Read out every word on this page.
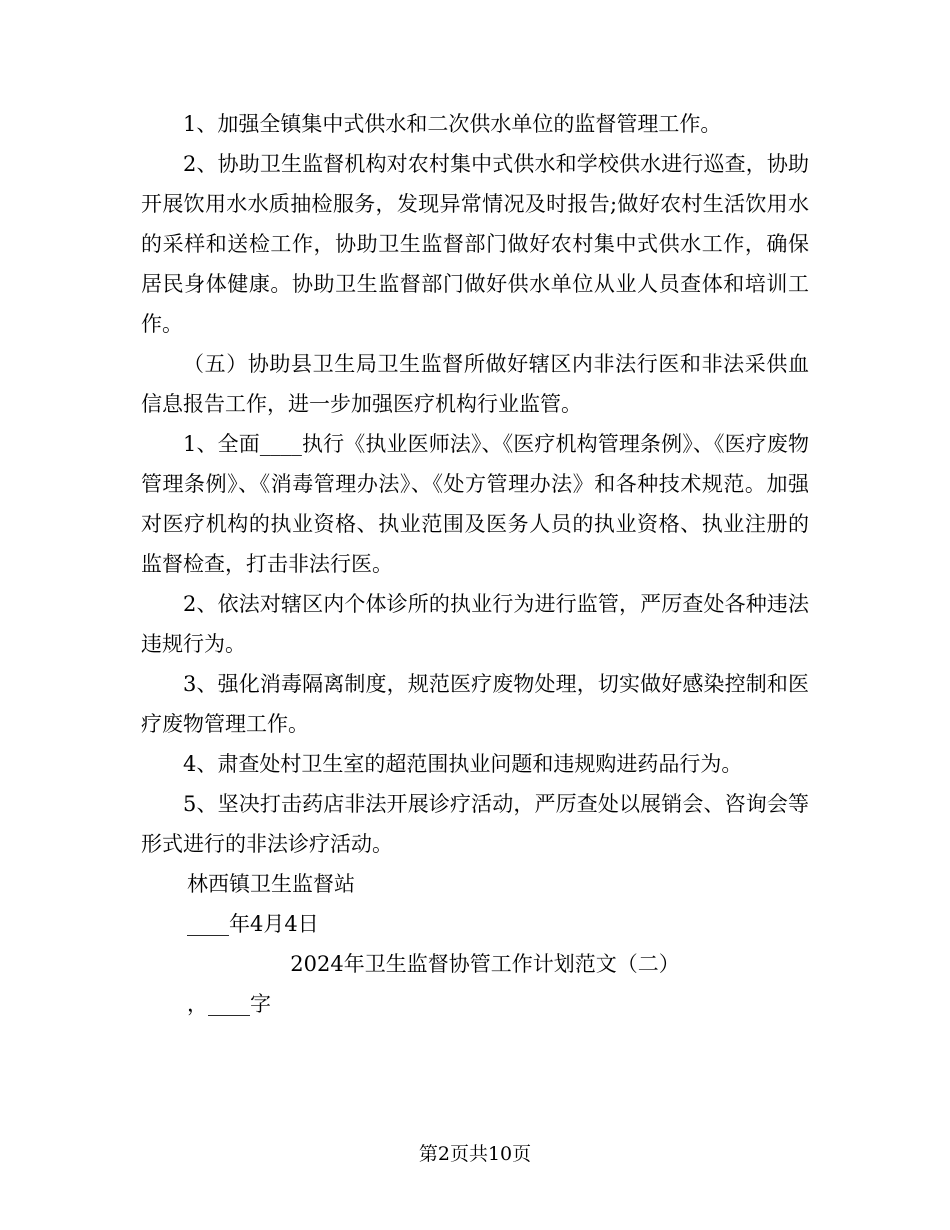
1、加强全镇集中式供水和二次供水单位的监督管理工作。

2、协助卫生监督机构对农村集中式供水和学校供水进行巡查，协助开展饮用水水质抽检服务，发现异常情况及时报告;做好农村生活饮用水的采样和送检工作，协助卫生监督部门做好农村集中式供水工作，确保居民身体健康。协助卫生监督部门做好供水单位从业人员查体和培训工作。

（五）协助县卫生局卫生监督所做好辖区内非法行医和非法采供血信息报告工作，进一步加强医疗机构行业监管。

1、全面____执行《执业医师法》、《医疗机构管理条例》、《医疗废物管理条例》、《消毒管理办法》、《处方管理办法》和各种技术规范。加强对医疗机构的执业资格、执业范围及医务人员的执业资格、执业注册的监督检查，打击非法行医。

2、依法对辖区内个体诊所的执业行为进行监管，严厉查处各种违法违规行为。

3、强化消毒隔离制度，规范医疗废物处理，切实做好感染控制和医疗废物管理工作。

4、肃查处村卫生室的超范围执业问题和违规购进药品行为。

5、坚决打击药店非法开展诊疗活动，严厉查处以展销会、咨询会等形式进行的非法诊疗活动。

林西镇卫生监督站

____年4月4日

2024年卫生监督协管工作计划范文（二）

，____字

第2页共10页
